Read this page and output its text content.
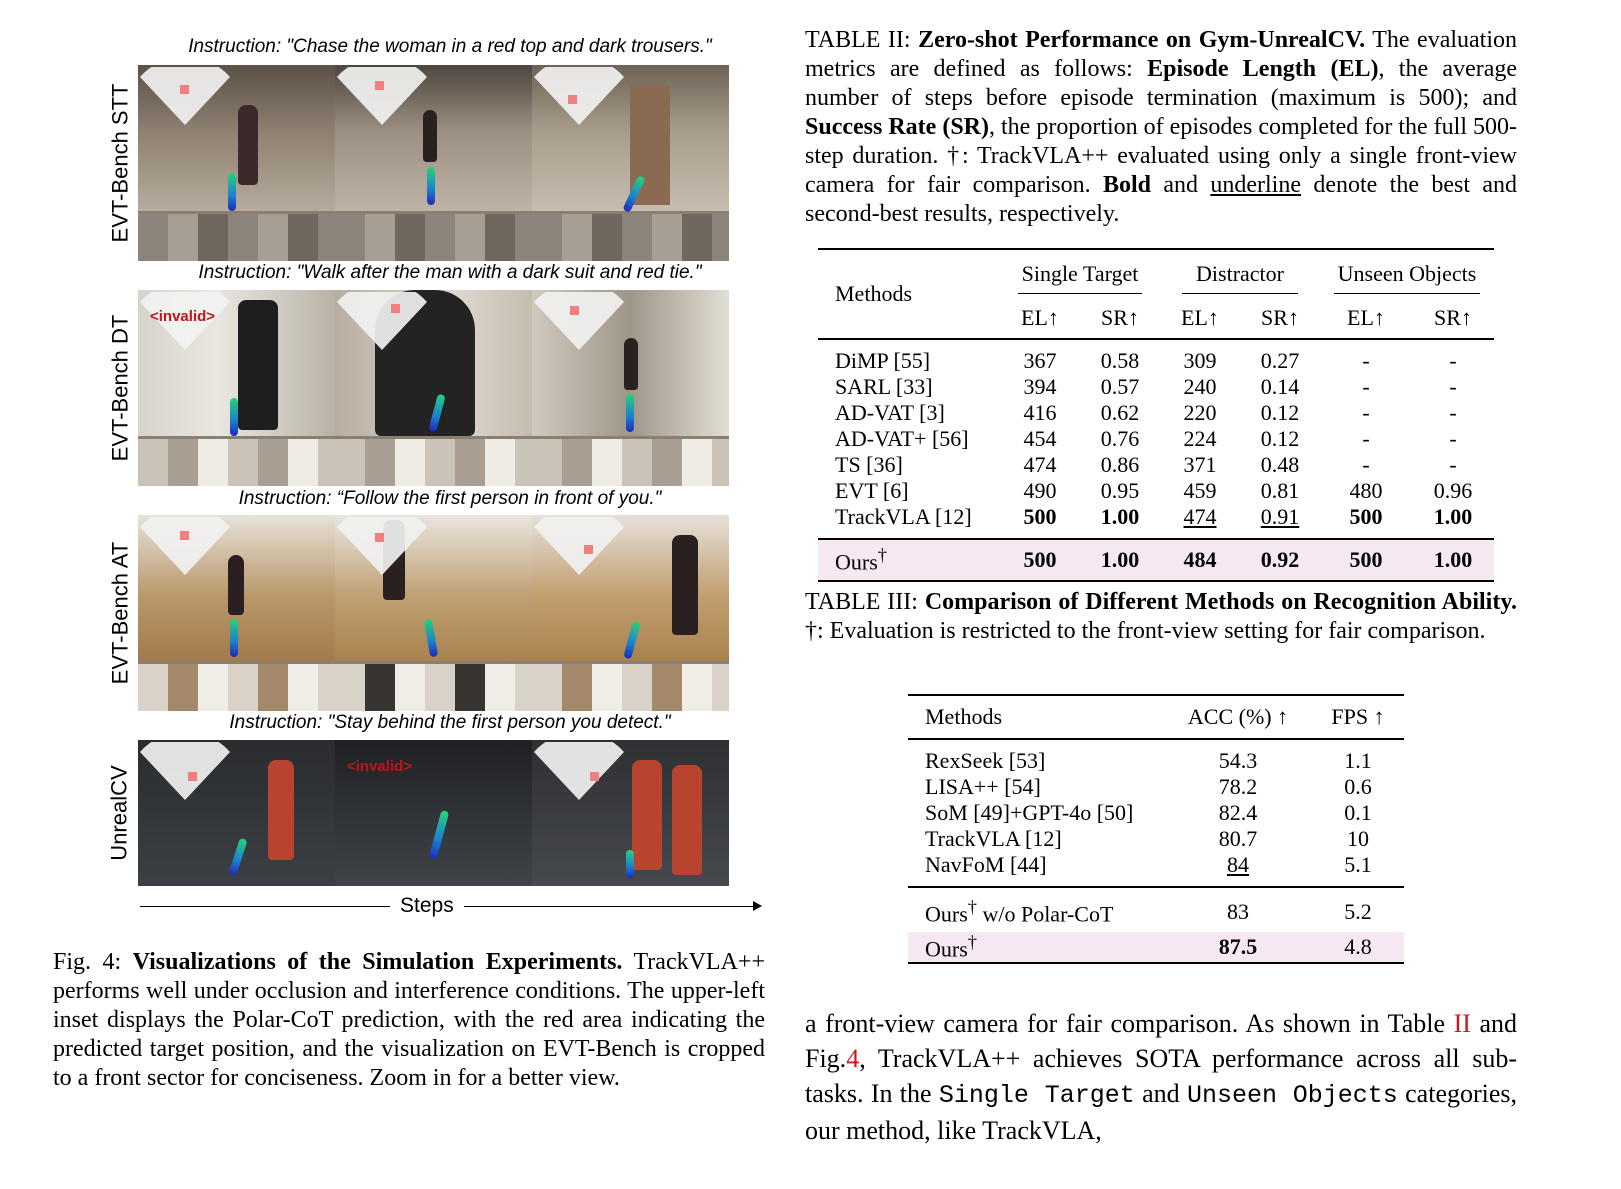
Instruction: "Chase the woman in a red top and dark trousers."
EVT-Bench STT
Instruction: "Walk after the man with a dark suit and red tie."
EVT-Bench DT <invalid>
Instruction: “Follow the first person in front of you."
EVT-Bench AT
Instruction: "Stay behind the first person you detect."
UnrealCV	<invalid>
Steps
Fig. 4: Visualizations of the Simulation Experiments. TrackVLA++ performs well under occlusion and interference conditions. The upper-left inset displays the Polar-CoT prediction, with the red area indicating the predicted target position, and the visualization on EVT-Bench is cropped to a front sector for conciseness. Zoom in for a better view.
TABLE II: Zero-shot Performance on Gym-UnrealCV. The evaluation metrics are defined as follows: Episode Length (EL), the average number of steps before episode termination (maximum is 500); and Success Rate (SR), the proportion of episodes completed for the full 500-step duration. †: TrackVLA++ evaluated using only a single front-view camera for fair comparison. Bold and underline denote the best and second-best results, respectively.
Methods	Single Target		Distractor		Unseen Objects	
	EL↑	SR↑	EL↑	SR↑	EL↑	SR↑
DiMP [55]	367	0.58	309	0.27	-	-
SARL [33]	394	0.57	240	0.14	-	-
AD-VAT [3]	416	0.62	220	0.12	-	-
AD-VAT+ [56]	454	0.76	224	0.12	-	-
TS [36]	474	0.86	371	0.48	-	-
EVT [6]	490	0.95	459	0.81	480	0.96
TrackVLA [12]	500	1.00	474	0.91	500	1.00
Ours†	500	1.00	484	0.92	500	1.00
TABLE III: Comparison of Different Methods on Recognition Ability. †: Evaluation is restricted to the front-view setting for fair comparison.
Methods	ACC (%) ↑	FPS ↑
RexSeek [53]	54.3	1.1
LISA++ [54]	78.2	0.6
SoM [49]+GPT-4o [50]	82.4	0.1
TrackVLA [12]	80.7	10
NavFoM [44]	84	5.1
Ours† w/o Polar-CoT	83	5.2
Ours†	87.5	4.8
a front-view camera for fair comparison. As shown in Table II and Fig.4, TrackVLA++ achieves SOTA performance across all sub-tasks. In the Single Target and Unseen Objects categories, our method, like TrackVLA,
